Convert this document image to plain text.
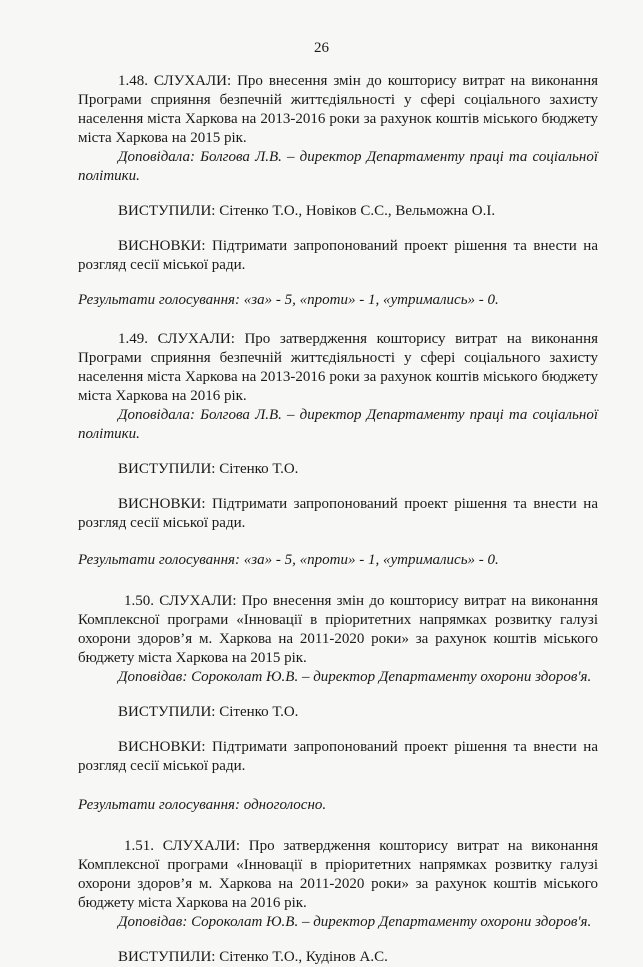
26

1.48. СЛУХАЛИ: Про внесення змін до кошторису витрат на виконання Програми сприяння безпечній життєдіяльності у сфері соціального захисту населення міста Харкова на 2013-2016 роки за рахунок коштів міського бюджету міста Харкова на 2015 рік.

Доповідала: Болгова Л.В. – директор Департаменту праці та соціальної політики.

ВИСТУПИЛИ: Сітенко Т.О., Новіков С.С., Вельможна О.І.

ВИСНОВКИ: Підтримати запропонований проект рішення та внести на розгляд сесії міської ради.

Результати голосування: «за» - 5, «проти» - 1, «утримались» - 0.

1.49. СЛУХАЛИ: Про затвердження кошторису витрат на виконання Програми сприяння безпечній життєдіяльності у сфері соціального захисту населення міста Харкова на 2013-2016 роки за рахунок коштів міського бюджету міста Харкова на 2016 рік.

Доповідала: Болгова Л.В. – директор Департаменту праці та соціальної політики.

ВИСТУПИЛИ: Сітенко Т.О.

ВИСНОВКИ: Підтримати запропонований проект рішення та внести на розгляд сесії міської ради.

Результати голосування: «за» - 5, «проти» - 1, «утримались» - 0.

1.50. СЛУХАЛИ: Про внесення змін до кошторису витрат на виконання Комплексної програми «Інновації в пріоритетних напрямках розвитку галузі охорони здоров’я м. Харкова на 2011-2020 роки» за рахунок коштів міського бюджету міста Харкова на 2015 рік.

Доповідав: Сороколат Ю.В. – директор Департаменту охорони здоров'я.

ВИСТУПИЛИ: Сітенко Т.О.

ВИСНОВКИ: Підтримати запропонований проект рішення та внести на розгляд сесії міської ради.

Результати голосування: одноголосно.

1.51. СЛУХАЛИ: Про затвердження кошторису витрат на виконання Комплексної програми «Інновації в пріоритетних напрямках розвитку галузі охорони здоров’я м. Харкова на 2011-2020 роки» за рахунок коштів міського бюджету міста Харкова на 2016 рік.

Доповідав: Сороколат Ю.В. – директор Департаменту охорони здоров'я.

ВИСТУПИЛИ: Сітенко Т.О., Кудінов А.С.
